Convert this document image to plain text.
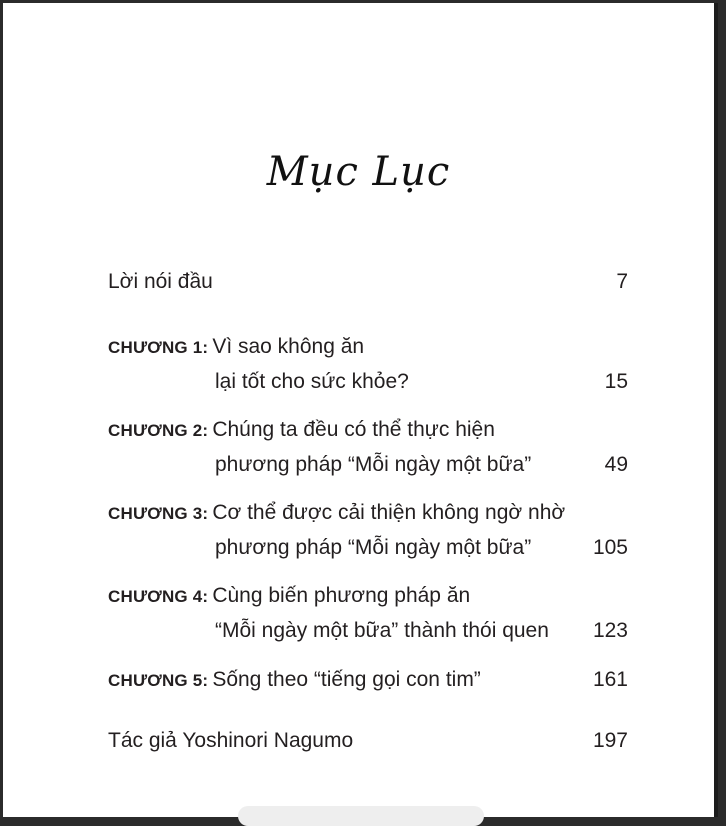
Mục Lục
Lời nói đầu	7
CHƯƠNG 1: Vì sao không ăn
lại tốt cho sức khỏe?	15
CHƯƠNG 2: Chúng ta đều có thể thực hiện
phương pháp “Mỗi ngày một bữa”	49
CHƯƠNG 3: Cơ thể được cải thiện không ngờ nhờ
phương pháp “Mỗi ngày một bữa”	105
CHƯƠNG 4: Cùng biến phương pháp ăn
“Mỗi ngày một bữa” thành thói quen 123
CHƯƠNG 5: Sống theo “tiếng gọi con tim”	161
Tác giả Yoshinori Nagumo	197
